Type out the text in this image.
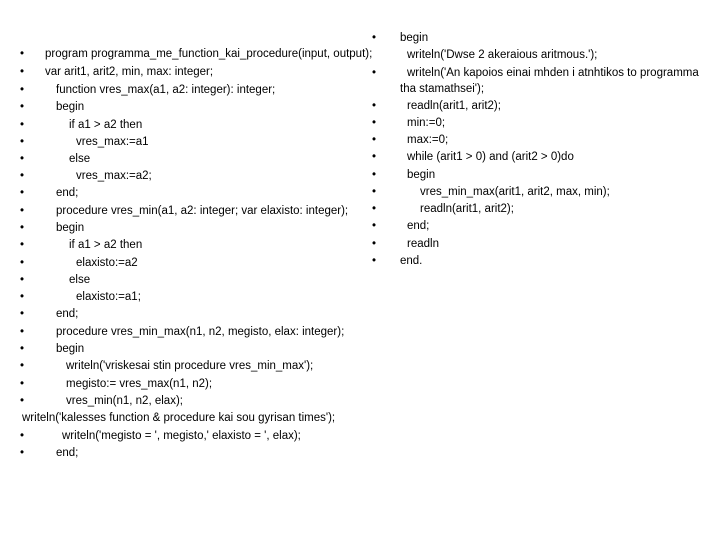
•	program programma_me_function_kai_procedure(input, output);
•	var arit1, arit2, min, max: integer;
•	function vres_max(a1, a2: integer): integer;
•	begin
•	if a1 > a2 then
•	vres_max:=a1
•	else
•	vres_max:=a2;
•	end;
•	procedure vres_min(a1, a2: integer; var elaxisto: integer);
•	begin
•	if a1 > a2 then
•	elaxisto:=a2
•	else
•	elaxisto:=a1;
•	end;
•	procedure vres_min_max(n1, n2, megisto, elax: integer);
•	begin
•	writeln('vriskesai stin procedure vres_min_max');
•	megisto:= vres_max(n1, n2);
•	vres_min(n1, n2, elax);
writeln('kalesses function & procedure kai sou gyrisan times');
•	writeln('megisto = ', megisto,' elaxisto = ', elax);
•	end;
•	begin
writeln('Dwse 2 akeraious aritmous.');
•	writeln('An kapoios einai mhden i atnhtikos to programma
tha stamathsei');
•	readln(arit1, arit2);
•	min:=0;
•	max:=0;
•	while (arit1 > 0) and (arit2 > 0)do
•	begin
•	vres_min_max(arit1, arit2, max, min);
•	readln(arit1, arit2);
•	end;
•	readln
•	end.
